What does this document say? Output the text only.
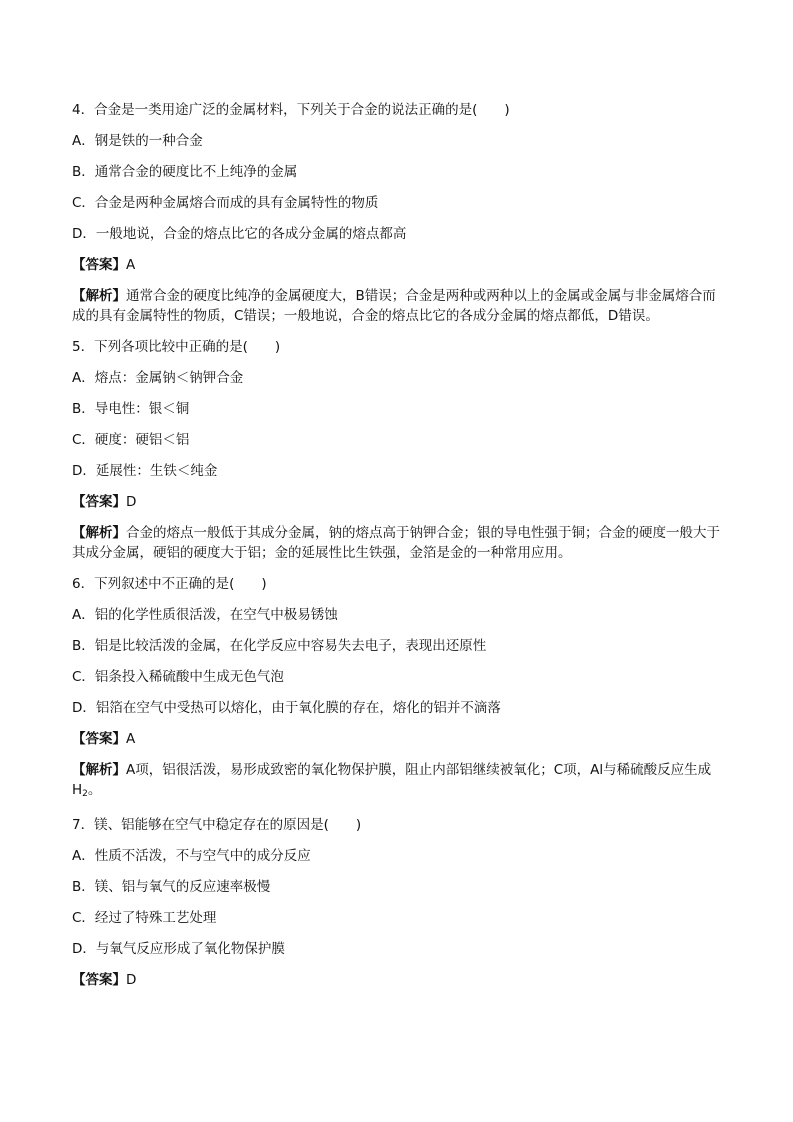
4．合金是一类用途广泛的金属材料，下列关于合金的说法正确的是(　　)
A．钢是铁的一种合金
B．通常合金的硬度比不上纯净的金属
C．合金是两种金属熔合而成的具有金属特性的物质
D．一般地说，合金的熔点比它的各成分金属的熔点都高
【答案】A
【解析】通常合金的硬度比纯净的金属硬度大，B错误；合金是两种或两种以上的金属或金属与非金属熔合而成的具有金属特性的物质，C错误；一般地说，合金的熔点比它的各成分金属的熔点都低，D错误。
5．下列各项比较中正确的是(　　)
A．熔点：金属钠＜钠钾合金
B．导电性：银＜铜
C．硬度：硬铝＜铝
D．延展性：生铁＜纯金
【答案】D
【解析】合金的熔点一般低于其成分金属，钠的熔点高于钠钾合金；银的导电性强于铜；合金的硬度一般大于其成分金属，硬铝的硬度大于铝；金的延展性比生铁强，金箔是金的一种常用应用。
6．下列叙述中不正确的是(　　)
A．铝的化学性质很活泼，在空气中极易锈蚀
B．铝是比较活泼的金属，在化学反应中容易失去电子，表现出还原性
C．铝条投入稀硫酸中生成无色气泡
D．铝箔在空气中受热可以熔化，由于氧化膜的存在，熔化的铝并不滴落
【答案】A
【解析】A项，铝很活泼，易形成致密的氧化物保护膜，阻止内部铝继续被氧化；C项，Al与稀硫酸反应生成$H_2$。
7．镁、铝能够在空气中稳定存在的原因是(　　)
A．性质不活泼，不与空气中的成分反应
B．镁、铝与氧气的反应速率极慢
C．经过了特殊工艺处理
D．与氧气反应形成了氧化物保护膜
【答案】D
